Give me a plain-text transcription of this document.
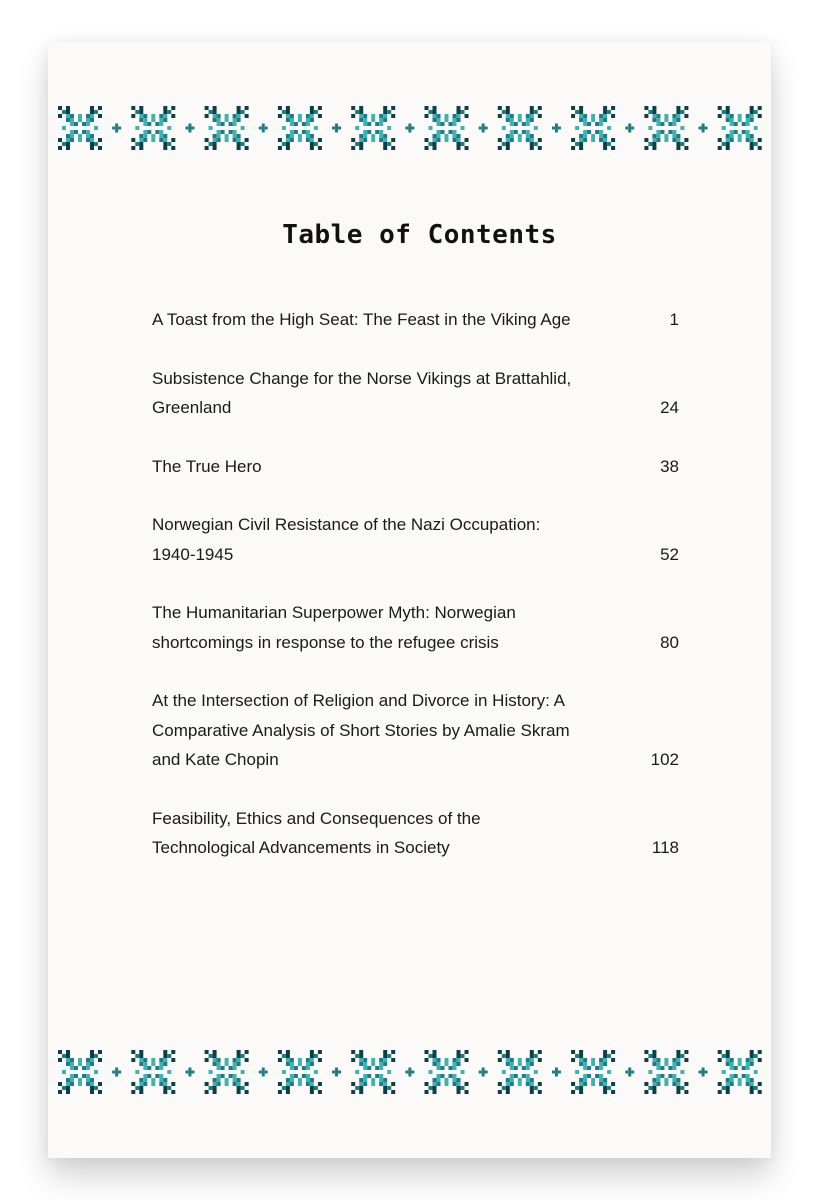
Table of Contents
A Toast from the High Seat: The Feast in the Viking Age	1
Subsistence Change for the Norse Vikings at Brattahlid, Greenland	24
The True Hero	38
Norwegian Civil Resistance of the Nazi Occupation: 1940-1945	52
The Humanitarian Superpower Myth: Norwegian shortcomings in response to the refugee crisis	80
At the Intersection of Religion and Divorce in History: A Comparative Analysis of Short Stories by Amalie Skram and Kate Chopin	102
Feasibility, Ethics and Consequences of the Technological Advancements in Society	118
